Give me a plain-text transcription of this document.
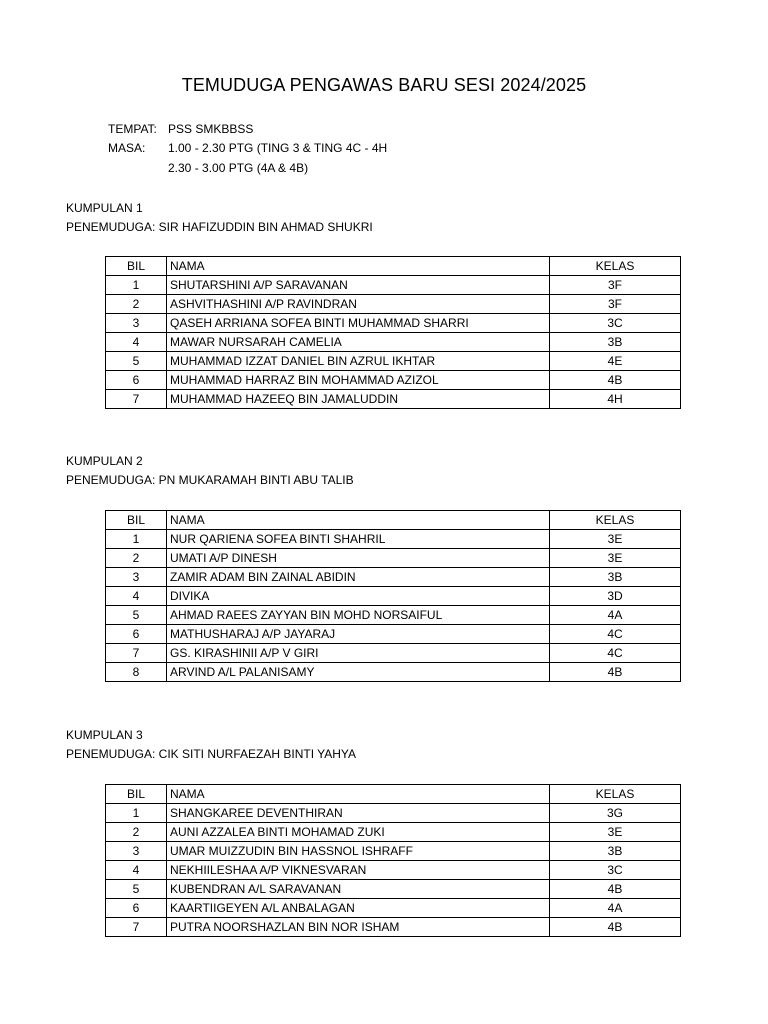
TEMUDUGA PENGAWAS BARU SESI 2024/2025
TEMPAT: PSS SMKBBSS
MASA: 1.00 - 2.30 PTG (TING 3 & TING 4C - 4H
2.30 - 3.00 PTG (4A & 4B)
KUMPULAN 1
PENEMUDUGA: SIR HAFIZUDDIN BIN AHMAD SHUKRI
BIL	NAMA	KELAS
1	SHUTARSHINI A/P SARAVANAN	3F
2	ASHVITHASHINI A/P RAVINDRAN	3F
3	QASEH ARRIANA SOFEA BINTI MUHAMMAD SHARRI	3C
4	MAWAR NURSARAH CAMELIA	3B
5	MUHAMMAD IZZAT DANIEL BIN AZRUL IKHTAR	4E
6	MUHAMMAD HARRAZ BIN MOHAMMAD AZIZOL	4B
7	MUHAMMAD HAZEEQ BIN JAMALUDDIN	4H
KUMPULAN 2
PENEMUDUGA: PN MUKARAMAH BINTI ABU TALIB
BIL	NAMA	KELAS
1	NUR QARIENA SOFEA BINTI SHAHRIL	3E
2	UMATI A/P DINESH	3E
3	ZAMIR ADAM BIN ZAINAL ABIDIN	3B
4	DIVIKA	3D
5	AHMAD RAEES ZAYYAN BIN MOHD NORSAIFUL	4A
6	MATHUSHARAJ A/P JAYARAJ	4C
7	GS. KIRASHINII A/P V GIRI	4C
8	ARVIND A/L PALANISAMY	4B
KUMPULAN 3
PENEMUDUGA: CIK SITI NURFAEZAH BINTI YAHYA
BIL	NAMA	KELAS
1	SHANGKAREE DEVENTHIRAN	3G
2	AUNI AZZALEA BINTI MOHAMAD ZUKI	3E
3	UMAR MUIZZUDIN BIN HASSNOL ISHRAFF	3B
4	NEKHIILESHAA A/P VIKNESVARAN	3C
5	KUBENDRAN A/L SARAVANAN	4B
6	KAARTIIGEYEN A/L ANBALAGAN	4A
7	PUTRA NOORSHAZLAN BIN NOR ISHAM	4B
